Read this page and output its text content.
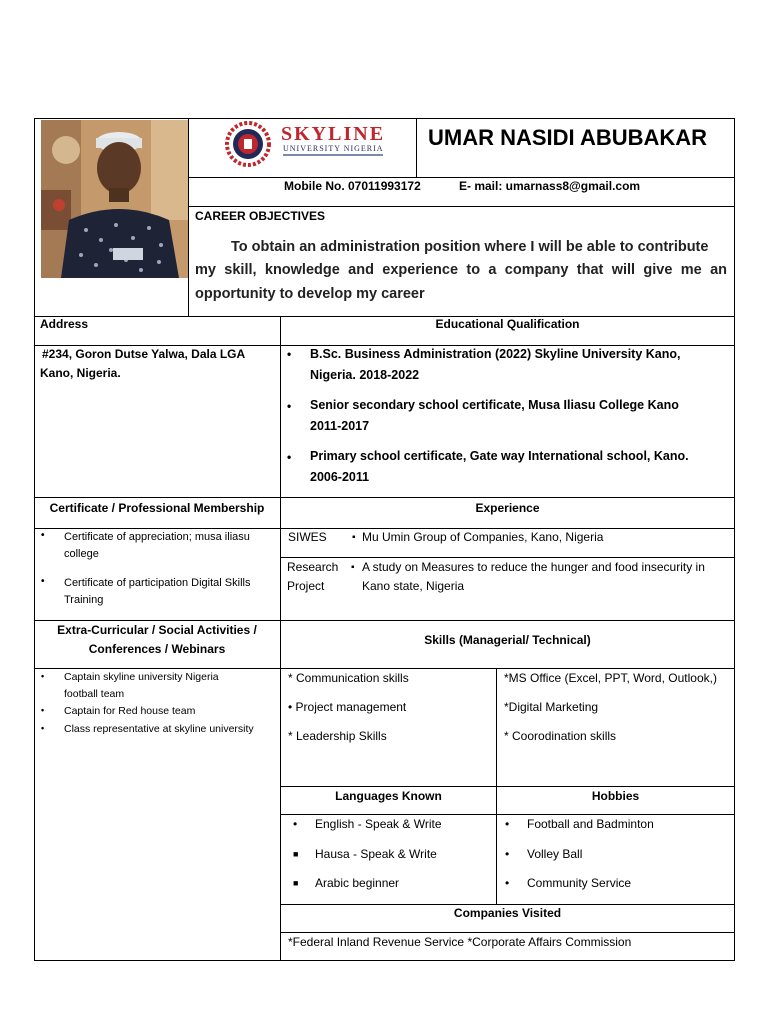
SKYLINE
UNIVERSITY NIGERIA UMAR NASIDI ABUBAKAR
Mobile No. 07011993172	E- mail: umarnass8@gmail.com
CAREER OBJECTIVES
To obtain an administration position where I will be able to contribute
my skill, knowledge and experience to a company that will give me an
opportunity to develop my career
Address
#234, Goron Dutse Yalwa, Dala LGA
Kano, Nigeria.
Educational Qualification
• B.Sc. Business Administration (2022) Skyline University Kano,
Nigeria. 2018-2022
• Senior secondary school certificate, Musa Iliasu College Kano
2011-2017
• Primary school certificate, Gate way International school, Kano.
2006-2011
Certificate / Professional Membership
• Certificate of appreciation; musa iliasu
college
• Certificate of participation Digital Skills
Training
Experience
SIWES	▪ Mu Umin Group of Companies, Kano, Nigeria
Research
Project
▪ A study on Measures to reduce the hunger and food insecurity in
Kano state, Nigeria
Extra-Curricular / Social Activities /
Conferences / Webinars
• Captain skyline university Nigeria
football team
• Captain for Red house team
• Class representative at skyline university
Skills (Managerial/ Technical)
* Communication skills
• Project management
* Leadership Skills
*MS Office (Excel, PPT, Word, Outlook,)
*Digital Marketing
* Coorodination skills
Languages Known
• English - Speak & Write
■ Hausa - Speak & Write
■ Arabic beginner
Hobbies
• Football and Badminton
• Volley Ball
• Community Service
Companies Visited
*Federal Inland Revenue Service *Corporate Affairs Commission
